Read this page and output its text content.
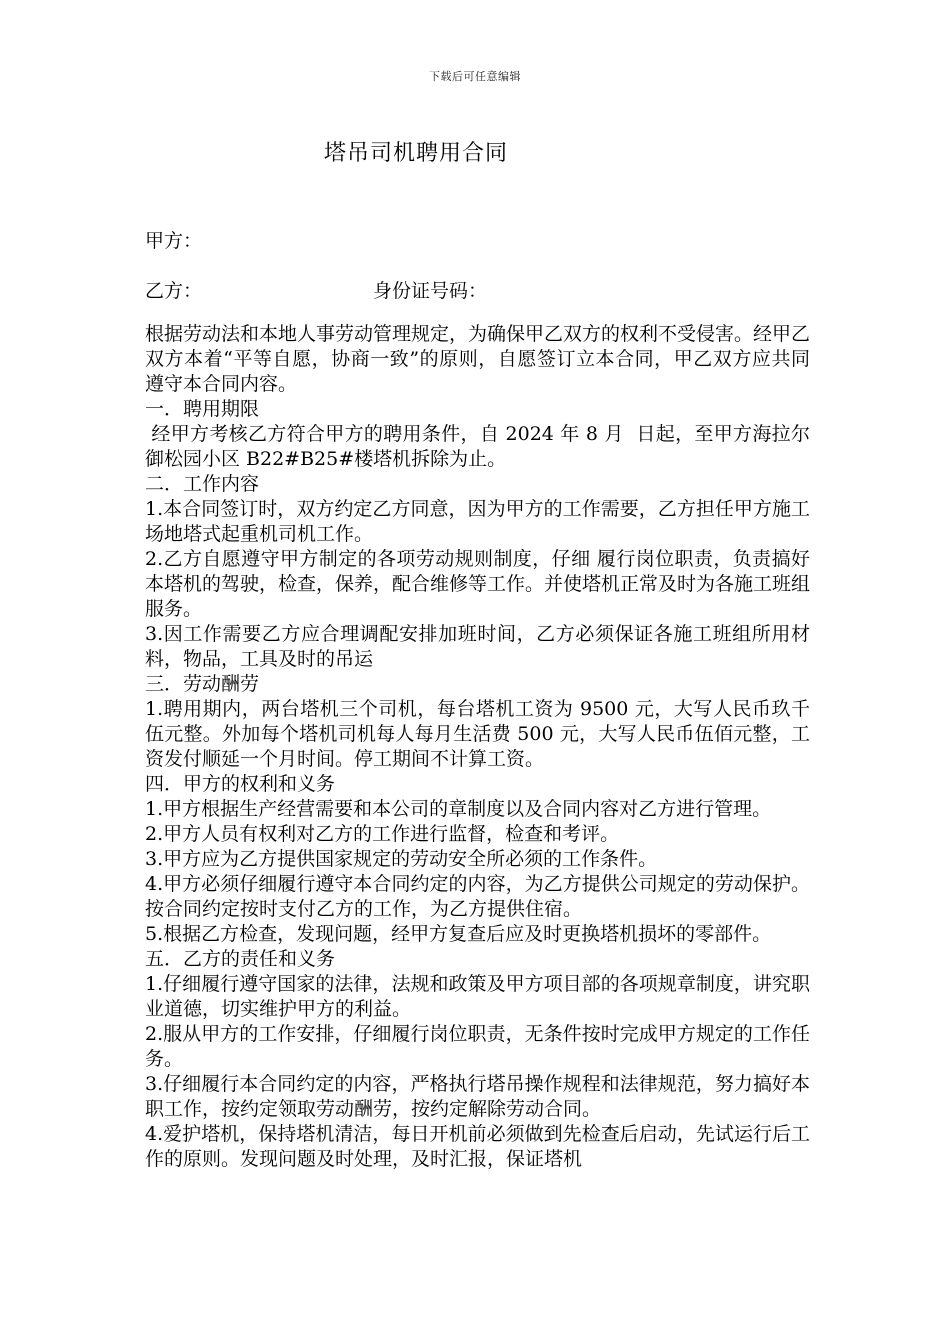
下载后可任意编辑
塔吊司机聘用合同
甲方：
乙方：	身份证号码：

根据劳动法和本地人事劳动管理规定，为确保甲乙双方的权利不受侵害。经甲乙双方本着“平等自愿，协商一致”的原则，自愿签订立本合同，甲乙双方应共同遵守本合同内容。

一．聘用期限

经甲方考核乙方符合甲方的聘用条件，自 2024 年 8 月  日起，至甲方海拉尔御松园小区 B22#B25#楼塔机拆除为止。

二．工作内容

1.本合同签订时，双方约定乙方同意，因为甲方的工作需要，乙方担任甲方施工场地塔式起重机司机工作。

2.乙方自愿遵守甲方制定的各项劳动规则制度，仔细 履行岗位职责，负责搞好本塔机的驾驶，检查，保养，配合维修等工作。并使塔机正常及时为各施工班组服务。

3.因工作需要乙方应合理调配安排加班时间，乙方必须保证各施工班组所用材料，物品，工具及时的吊运

三．劳动酬劳

1.聘用期内，两台塔机三个司机，每台塔机工资为 9500 元，大写人民币玖千伍元整。外加每个塔机司机每人每月生活费 500 元，大写人民币伍佰元整，工资发付顺延一个月时间。停工期间不计算工资。

四．甲方的权利和义务

1.甲方根据生产经营需要和本公司的章制度以及合同内容对乙方进行管理。

2.甲方人员有权利对乙方的工作进行监督，检查和考评。

3.甲方应为乙方提供国家规定的劳动安全所必须的工作条件。

4.甲方必须仔细履行遵守本合同约定的内容，为乙方提供公司规定的劳动保护。按合同约定按时支付乙方的工作，为乙方提供住宿。

5.根据乙方检查，发现问题，经甲方复查后应及时更换塔机损坏的零部件。

五．乙方的责任和义务

1.仔细履行遵守国家的法律，法规和政策及甲方项目部的各项规章制度，讲究职业道德，切实维护甲方的利益。

2.服从甲方的工作安排，仔细履行岗位职责，无条件按时完成甲方规定的工作任务。

3.仔细履行本合同约定的内容，严格执行塔吊操作规程和法律规范，努力搞好本职工作，按约定领取劳动酬劳，按约定解除劳动合同。

4.爱护塔机，保持塔机清洁，每日开机前必须做到先检查后启动，先试运行后工作的原则。发现问题及时处理，及时汇报，保证塔机
